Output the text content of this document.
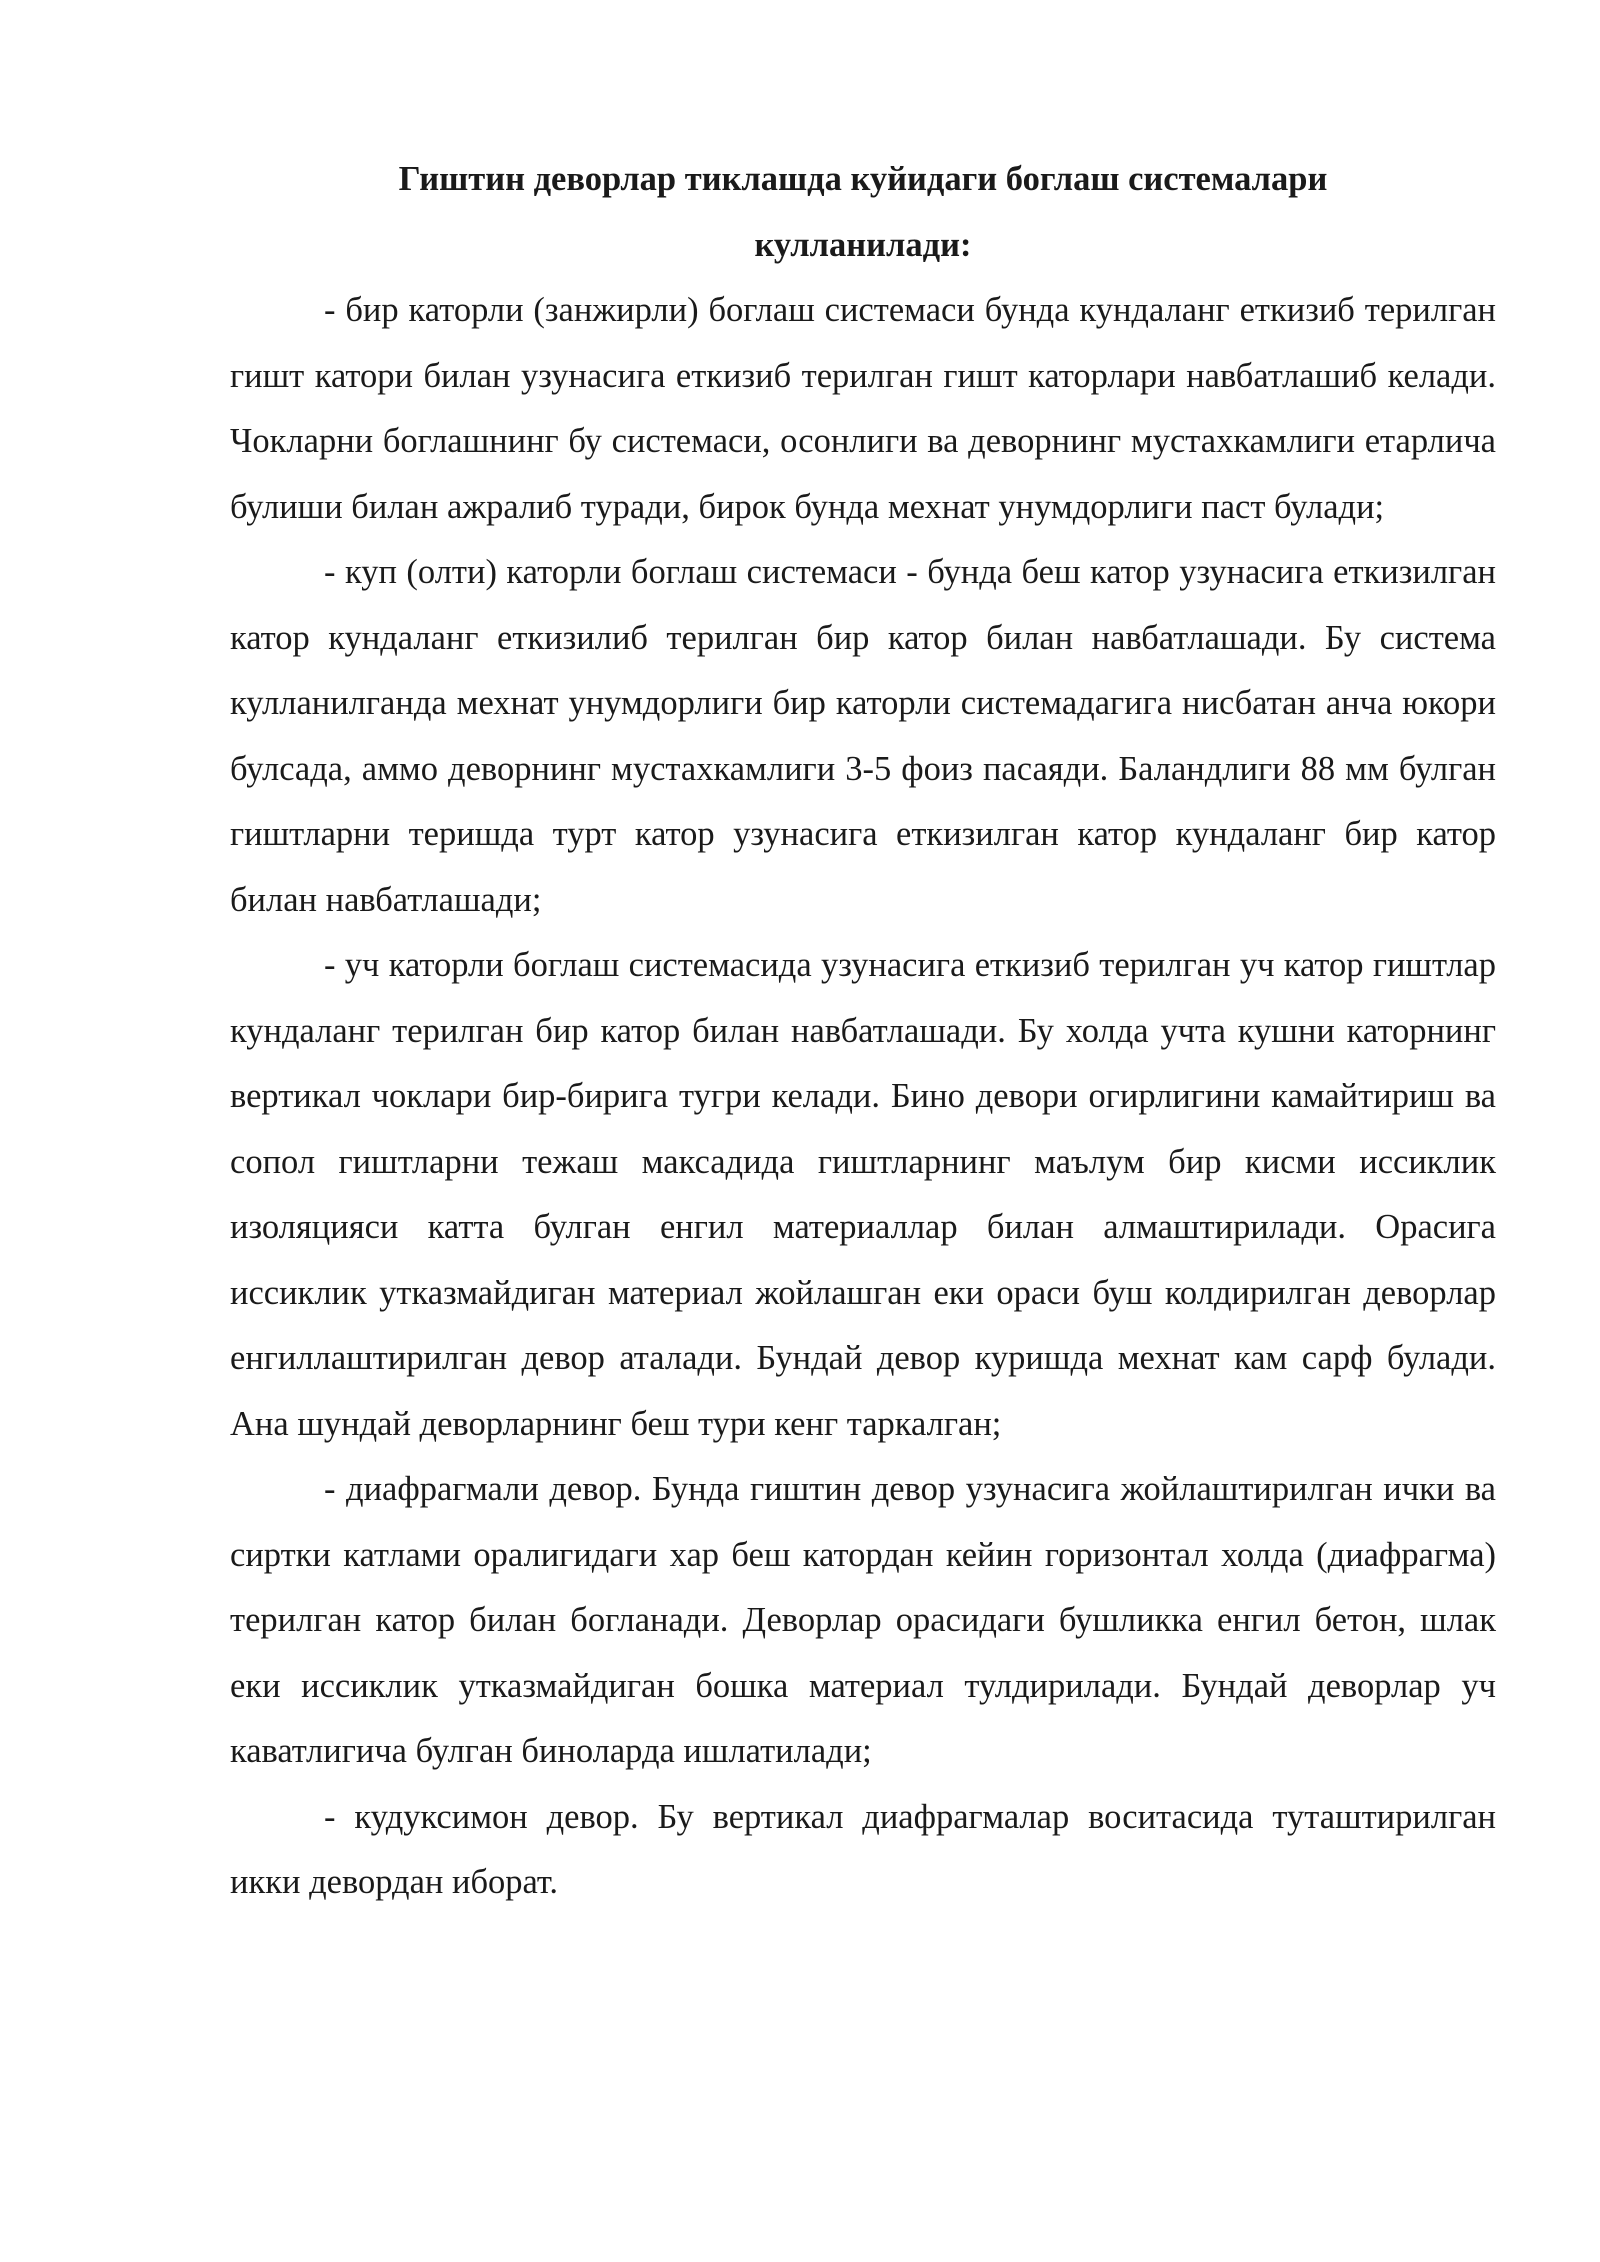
Гиштин деворлар тиклашда куйидаги боглаш системалари
кулланилади:

- бир каторли (занжирли) боглаш системаси бунда кундаланг еткизиб терилган гишт катори билан узунасига еткизиб терилган гишт каторлари навбатлашиб келади. Чокларни боглашнинг бу системаси, осонлиги ва деворнинг мустахкамлиги етарлича булиши билан ажралиб туради, бирок бунда мехнат унумдорлиги паст булади;

- куп (олти) каторли боглаш системаси - бунда беш катор узунасига еткизилган катор кундаланг еткизилиб терилган бир катор билан навбатлашади. Бу система кулланилганда мехнат унумдорлиги бир каторли системадагига нисбатан анча юкори булсада, аммо деворнинг мустахкамлиги 3-5 фоиз пасаяди. Баландлиги 88 мм булган гиштларни теришда турт катор узунасига еткизилган катор кундаланг бир катор билан навбатлашади;

- уч каторли боглаш системасида узунасига еткизиб терилган уч катор гиштлар кундаланг терилган бир катор билан навбатлашади. Бу холда учта кушни каторнинг вертикал чоклари бир-бирига тугри келади. Бино девори огирлигини камайтириш ва сопол гиштларни тежаш максадида гиштларнинг маълум бир кисми иссиклик изоляцияси катта булган енгил материаллар билан алмаштирилади. Орасига иссиклик утказмайдиган материал жойлашган еки ораси буш колдирилган деворлар енгиллаштирилган девор аталади. Бундай девор куришда мехнат кам сарф булади. Ана шундай деворларнинг беш тури кенг таркалган;

- диафрагмали девор. Бунда гиштин девор узунасига жойлаштирилган ички ва сиртки катлами оралигидаги хар беш катордан кейин горизонтал холда (диафрагма) терилган катор билан богланади. Деворлар орасидаги бушликка енгил бетон, шлак еки иссиклик утказмайдиган бошка материал тулдирилади. Бундай деворлар уч каватлигича булган биноларда ишлатилади;

- кудуксимон девор. Бу вертикал диафрагмалар воситасида туташтирилган икки девордан иборат.
